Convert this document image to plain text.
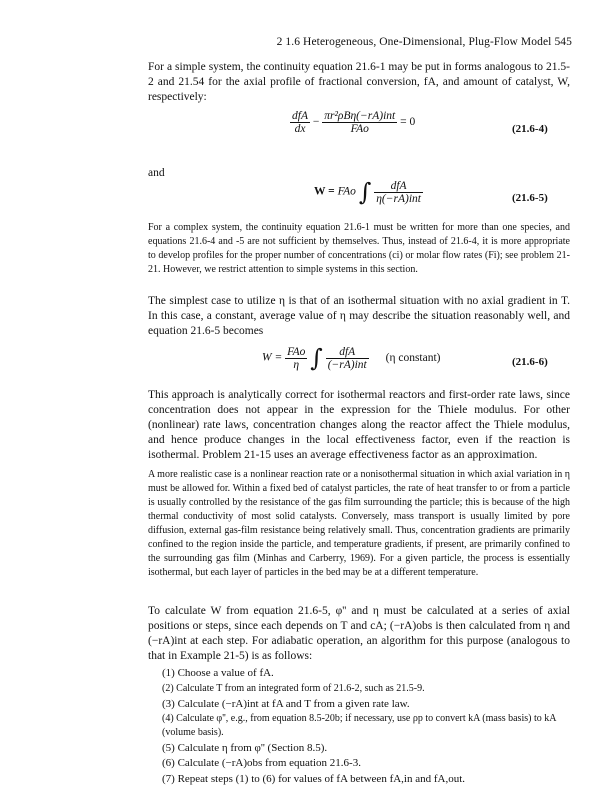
2 1.6 Heterogeneous, One-Dimensional, Plug-Flow Model 545

For a simple system, the continuity equation 21.6-1 may be put in forms analogous to 21.5-2 and 21.54 for the axial profile of fractional conversion, fA, and amount of catalyst, W, respectively:

$\frac{\text{dfA}}{dx} - \frac{\text{πr²ρBη(−rA)int}}{\text{FAo}} = 0$
(21.6-4)

and

W = FAo ∫ $\frac{\text{dfA}}{\text{η(−rA)int}}$	(21.6-5)

For a complex system, the continuity equation 21.6-1 must be written for more than one species, and equations 21.6-4 and -5 are not sufficient by themselves. Thus, instead of 21.6-4, it is more appropriate to develop profiles for the proper number of concentrations (ci) or molar flow rates (Fi); see problem 21-21. However, we restrict attention to simple systems in this section.

The simplest case to utilize η is that of an isothermal situation with no axial gradient in T. In this case, a constant, average value of η may describe the situation reasonably well, and equation 21.6-5 becomes

$W = \frac{\text{FAo}}{\eta}$ ∫ $\frac{\text{dfA}}{\text{(−rA)int}} (\eta$ constant)	(21.6-6)

This approach is analytically correct for isothermal reactors and first-order rate laws, since concentration does not appear in the expression for the Thiele modulus. For other (nonlinear) rate laws, concentration changes along the reactor affect the Thiele modulus, and hence produce changes in the local effectiveness factor, even if the reaction is isothermal. Problem 21-15 uses an average effectiveness factor as an approximation.

A more realistic case is a nonlinear reaction rate or a nonisothermal situation in which axial variation in η must be allowed for. Within a fixed bed of catalyst particles, the rate of heat transfer to or from a particle is usually controlled by the resistance of the gas film surrounding the particle; this is because of the high thermal conductivity of most solid catalysts. Conversely, mass transport is usually limited by pore diffusion, external gas-film resistance being relatively small. Thus, concentration gradients are primarily confined to the region inside the particle, and temperature gradients, if present, are primarily confined to the surrounding gas film (Minhas and Carberry, 1969). For a given particle, the process is essentially isothermal, but each layer of particles in the bed may be at a different temperature.

To calculate W from equation 21.6-5, φ'' and η must be calculated at a series of axial positions or steps, since each depends on T and cA; (−rA)obs is then calculated from η and (−rA)int at each step. For adiabatic operation, an algorithm for this purpose (analogous to that in Example 21-5) is as follows:

(1) Choose a value of fA.
(2) Calculate T from an integrated form of 21.6-2, such as 21.5-9.
(3) Calculate (−rA)int at fA and T from a given rate law.
(4) Calculate φ'', e.g., from equation 8.5-20b; if necessary, use ρp to convert kA (mass basis) to kA (volume basis).
(5) Calculate η from φ'' (Section 8.5).
(6) Calculate (−rA)obs from equation 21.6-3.
(7) Repeat steps (1) to (6) for values of fA between fA,in and fA,out.
